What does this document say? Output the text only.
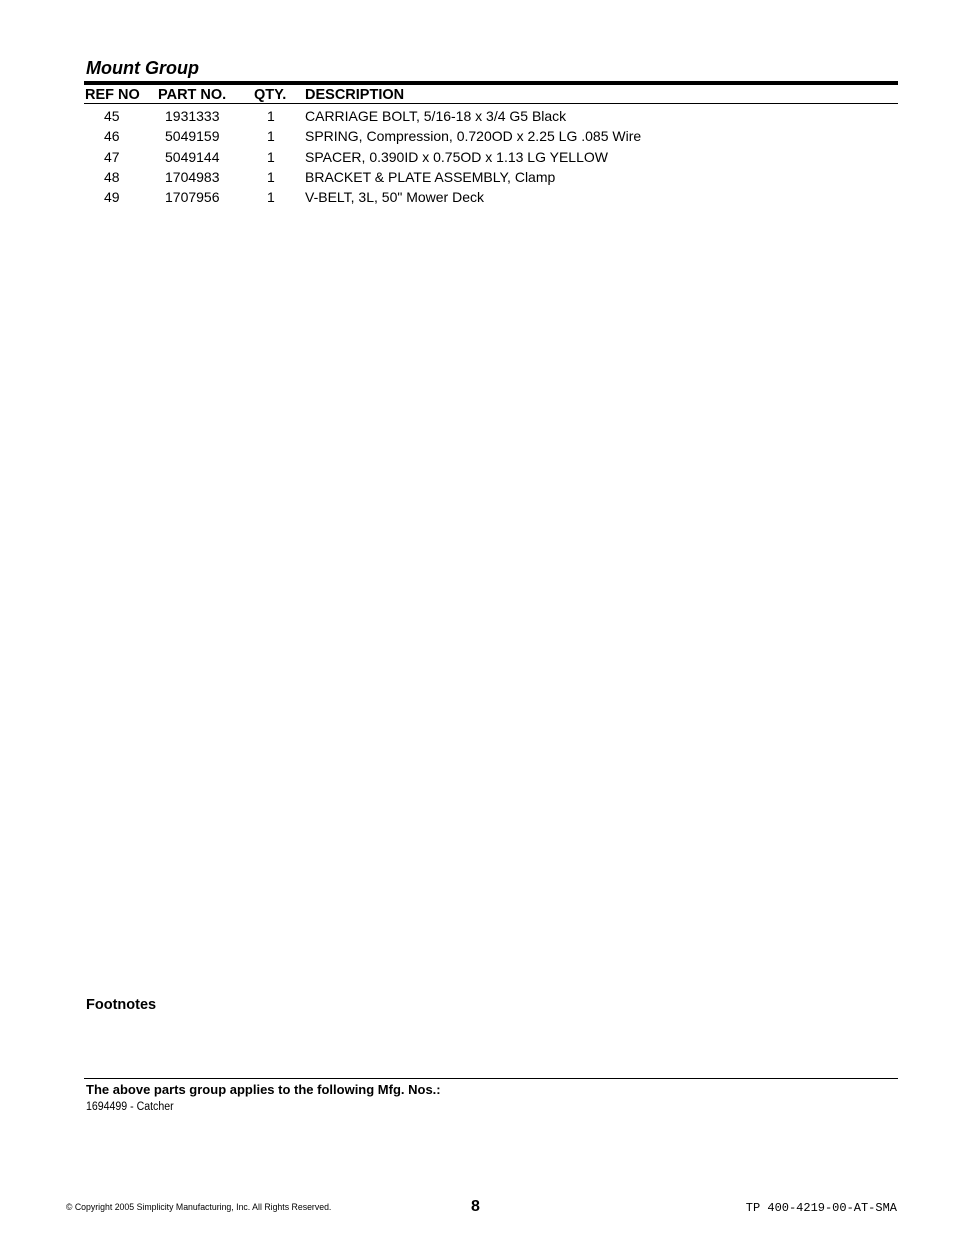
Mount Group
REF NO PART NO. QTY. DESCRIPTION
45	1931333	1 CARRIAGE BOLT, 5/16-18 x 3/4 G5 Black
46	5049159	1 SPRING, Compression, 0.720OD x 2.25 LG .085 Wire
47	5049144	1 SPACER, 0.390ID x 0.75OD x 1.13 LG YELLOW
48	1704983	1 BRACKET & PLATE ASSEMBLY, Clamp
49	1707956	1 V-BELT, 3L, 50" Mower Deck
Footnotes
The above parts group applies to the following Mfg. Nos.:
1694499 - Catcher
© Copyright 2005 Simplicity Manufacturing, Inc. All Rights Reserved.	8	TP 400-4219-00-AT-SMA
